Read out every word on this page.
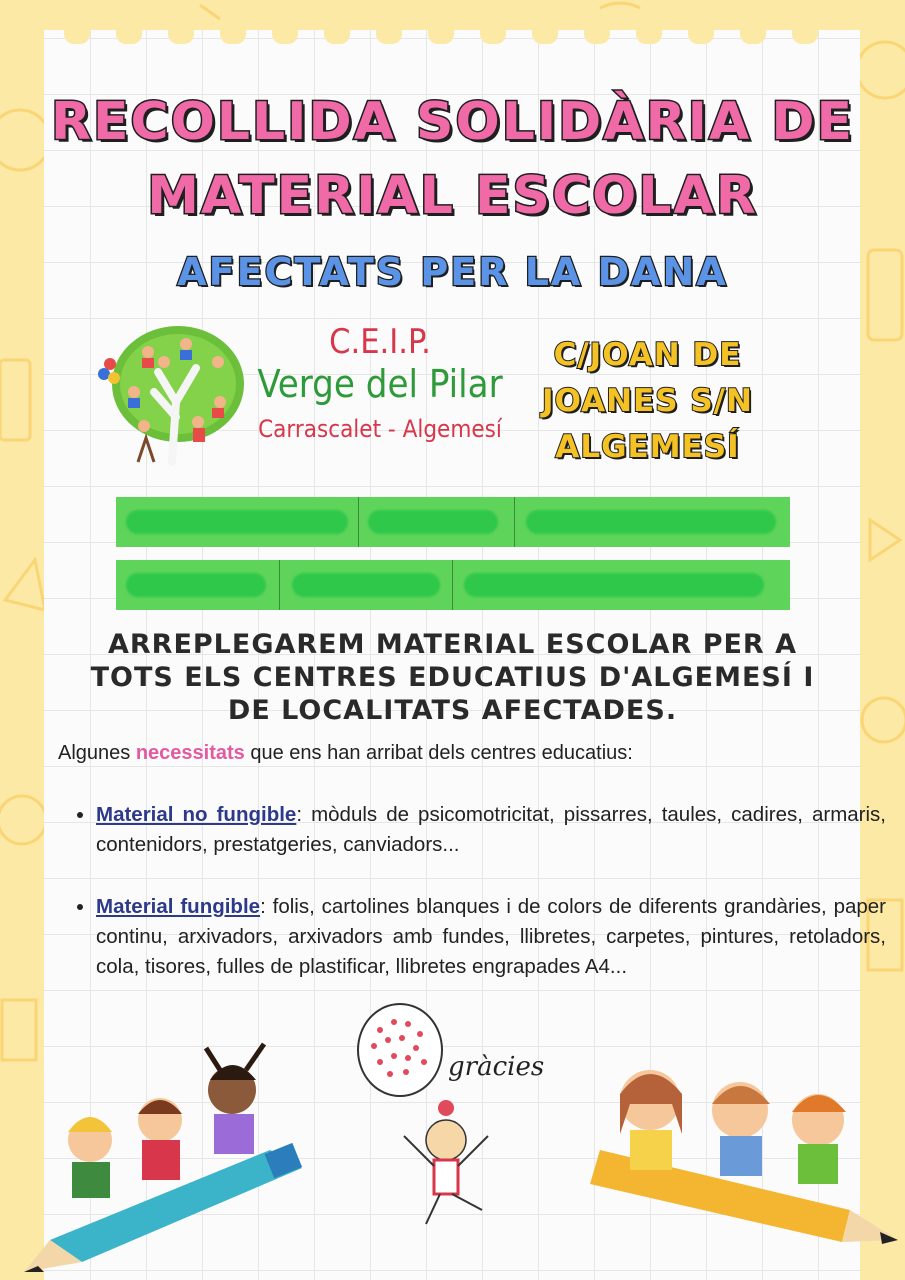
RECOLLIDA SOLIDÀRIA DE
MATERIAL ESCOLAR
AFECTATS PER LA DANA
C.E.I.P.
Verge del Pilar
Carrascalet - Algemesí
C/JOAN DE
JOANES S/N
ALGEMESÍ
ARREPLEGAREM MATERIAL ESCOLAR PER A
TOTS ELS CENTRES EDUCATIUS D'ALGEMESÍ I
DE LOCALITATS AFECTADES.
Algunes necessitats que ens han arribat dels centres educatius:
• Material no fungible: mòduls de psicomotricitat, pissarres, taules, cadires, armaris, contenidors, prestatgeries, canviadors...
• Material fungible: folis, cartolines blanques i de colors de diferents grandàries, paper continu, arxivadors, arxivadors amb fundes, llibretes, carpetes, pintures, retoladors, cola, tisores, fulles de plastificar, llibretes engrapades A4...
gràcies
